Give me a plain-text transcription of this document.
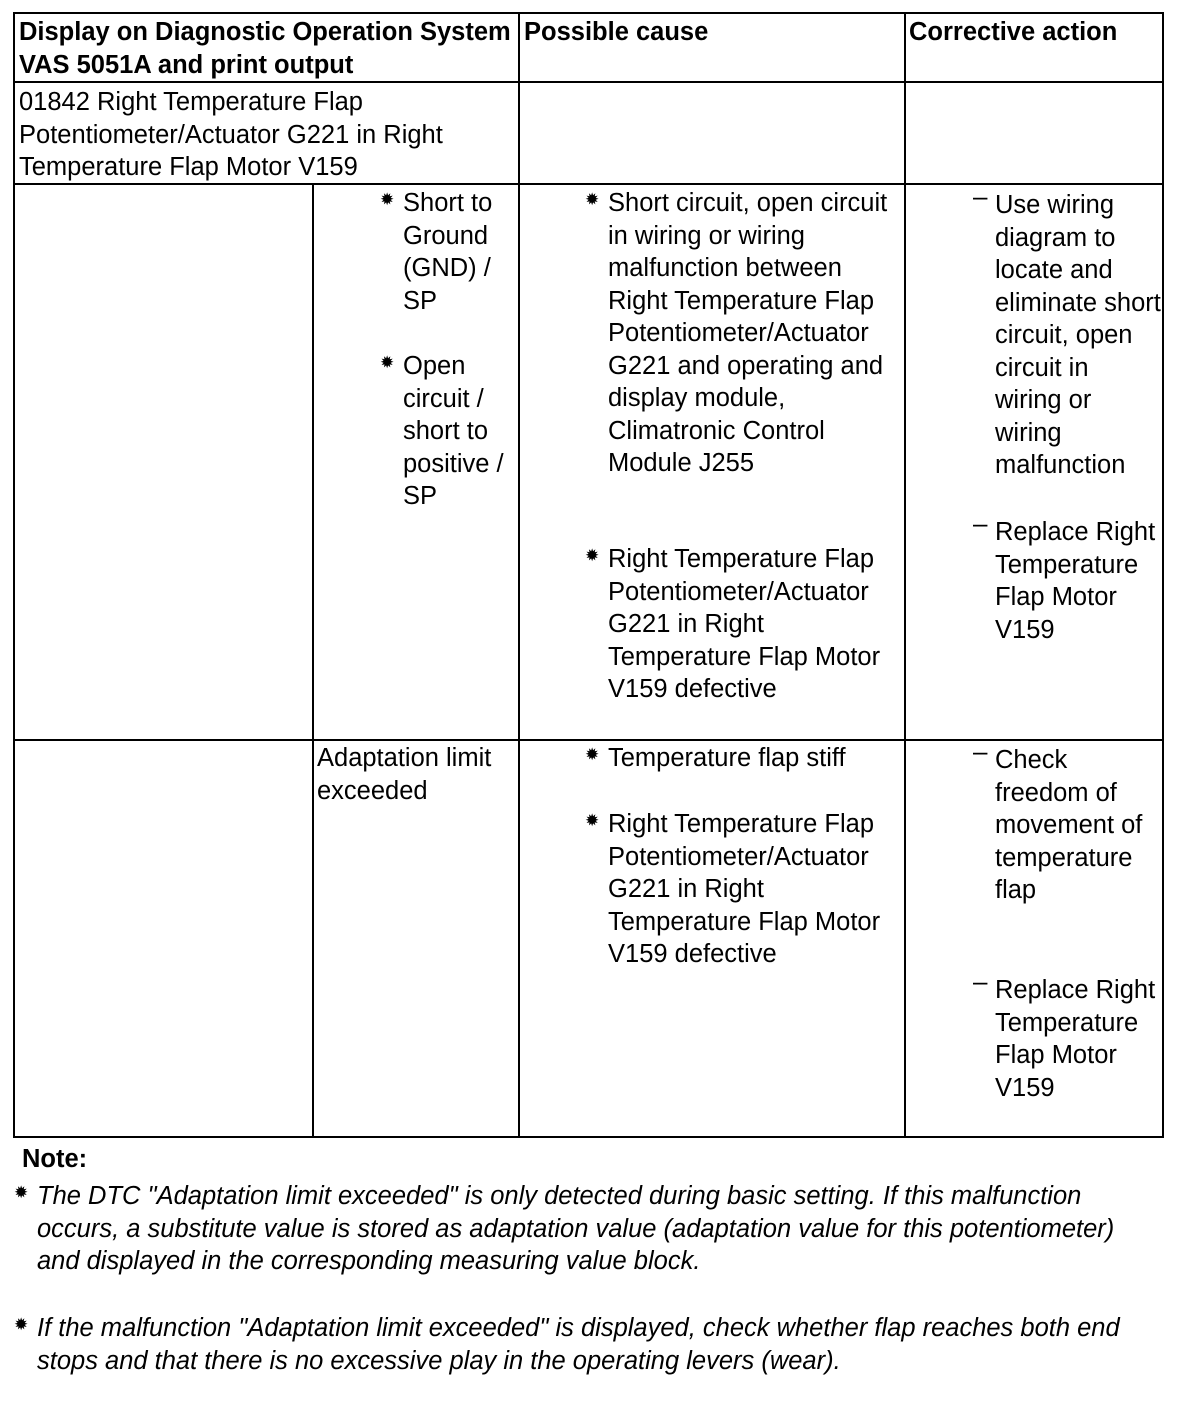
Display on Diagnostic Operation System VAS 5051A and print output
Possible cause	Corrective action
01842 Right Temperature Flap Potentiometer/Actuator G221 in Right Temperature Flap Motor V159
✹ Short to Ground (GND) / SP
✹ Open circuit / short to positive / SP
✹ Short circuit, open circuit in wiring or wiring malfunction between Right Temperature Flap Potentiometer/Actuator G221 and operating and display module, Climatronic Control Module J255
✹ Right Temperature Flap Potentiometer/Actuator G221 in Right Temperature Flap Motor V159 defective
– Use wiring diagram to locate and eliminate short circuit, open circuit in wiring or wiring malfunction
– Replace Right Temperature Flap Motor V159
Adaptation limit exceeded
✹ Temperature flap stiff
✹ Right Temperature Flap Potentiometer/Actuator G221 in Right Temperature Flap Motor V159 defective
– Check freedom of movement of temperature flap
– Replace Right Temperature Flap Motor V159
Note:
✹ The DTC "Adaptation limit exceeded" is only detected during basic setting. If this malfunction occurs, a substitute value is stored as adaptation value (adaptation value for this potentiometer) and displayed in the corresponding measuring value block.
✹ If the malfunction "Adaptation limit exceeded" is displayed, check whether flap reaches both end stops and that there is no excessive play in the operating levers (wear).
